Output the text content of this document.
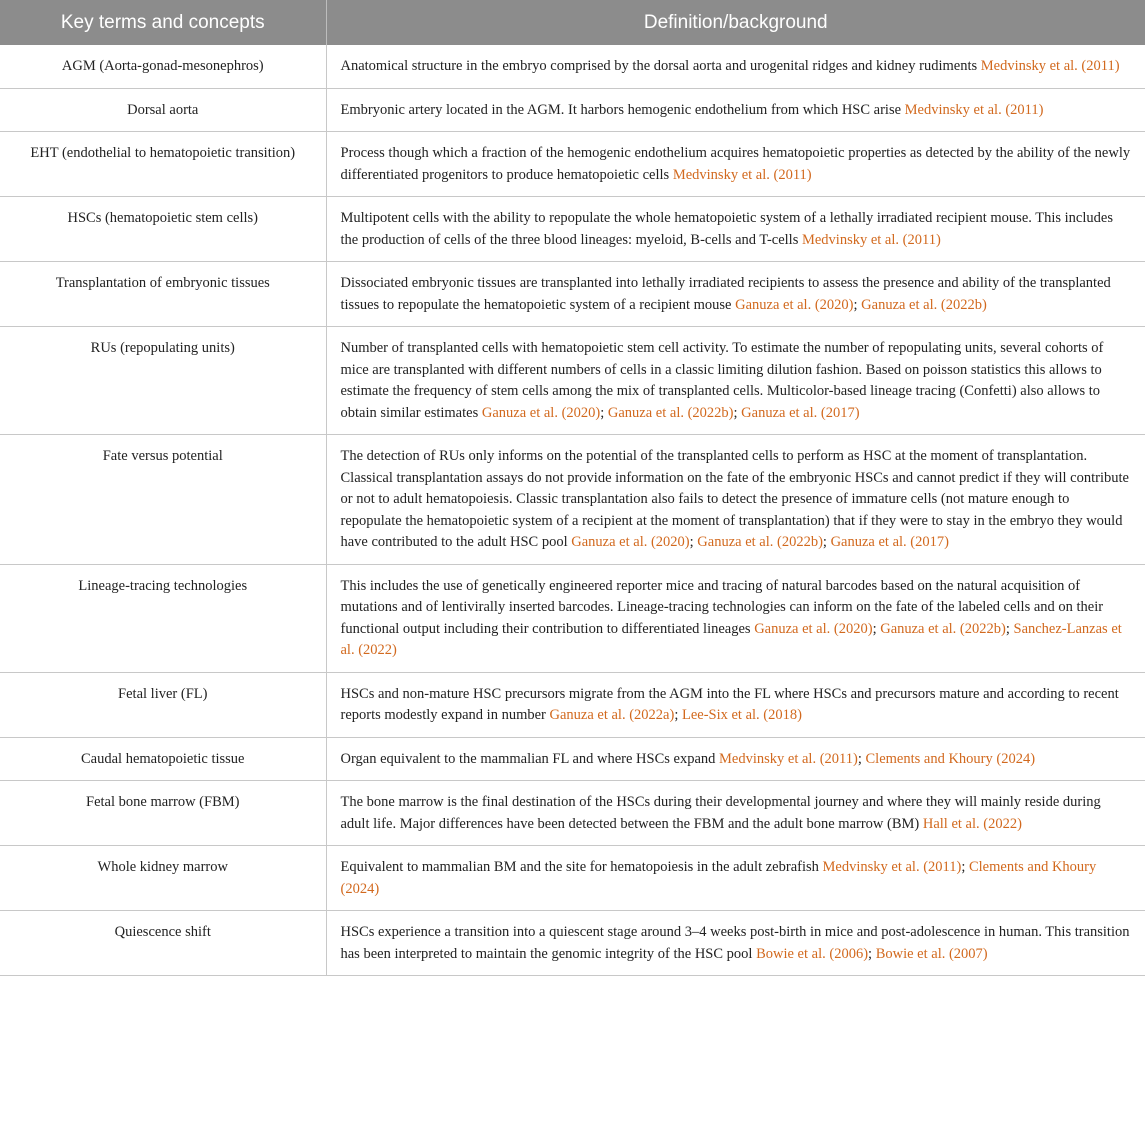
Key terms and concepts	Definition/background
AGM (Aorta-gonad-mesonephros)	Anatomical structure in the embryo comprised by the dorsal aorta and urogenital ridges and kidney rudiments Medvinsky et al. (2011)
Dorsal aorta	Embryonic artery located in the AGM. It harbors hemogenic endothelium from which HSC arise Medvinsky et al. (2011)
EHT (endothelial to hematopoietic transition)	Process though which a fraction of the hemogenic endothelium acquires hematopoietic properties as detected by the ability of the newly differentiated progenitors to produce hematopoietic cells Medvinsky et al. (2011)
HSCs (hematopoietic stem cells)	Multipotent cells with the ability to repopulate the whole hematopoietic system of a lethally irradiated recipient mouse. This includes the production of cells of the three blood lineages: myeloid, B-cells and T-cells Medvinsky et al. (2011)
Transplantation of embryonic tissues	Dissociated embryonic tissues are transplanted into lethally irradiated recipients to assess the presence and ability of the transplanted tissues to repopulate the hematopoietic system of a recipient mouse Ganuza et al. (2020); Ganuza et al. (2022b)
RUs (repopulating units)	Number of transplanted cells with hematopoietic stem cell activity. To estimate the number of repopulating units, several cohorts of mice are transplanted with different numbers of cells in a classic limiting dilution fashion. Based on poisson statistics this allows to estimate the frequency of stem cells among the mix of transplanted cells. Multicolor-based lineage tracing (Confetti) also allows to obtain similar estimates Ganuza et al. (2020); Ganuza et al. (2022b); Ganuza et al. (2017)
Fate versus potential	The detection of RUs only informs on the potential of the transplanted cells to perform as HSC at the moment of transplantation. Classical transplantation assays do not provide information on the fate of the embryonic HSCs and cannot predict if they will contribute or not to adult hematopoiesis. Classic transplantation also fails to detect the presence of immature cells (not mature enough to repopulate the hematopoietic system of a recipient at the moment of transplantation) that if they were to stay in the embryo they would have contributed to the adult HSC pool Ganuza et al. (2020); Ganuza et al. (2022b); Ganuza et al. (2017)
Lineage-tracing technologies	This includes the use of genetically engineered reporter mice and tracing of natural barcodes based on the natural acquisition of mutations and of lentivirally inserted barcodes. Lineage-tracing technologies can inform on the fate of the labeled cells and on their functional output including their contribution to differentiated lineages Ganuza et al. (2020); Ganuza et al. (2022b); Sanchez-Lanzas et al. (2022)
Fetal liver (FL)	HSCs and non-mature HSC precursors migrate from the AGM into the FL where HSCs and precursors mature and according to recent reports modestly expand in number Ganuza et al. (2022a); Lee-Six et al. (2018)
Caudal hematopoietic tissue	Organ equivalent to the mammalian FL and where HSCs expand Medvinsky et al. (2011); Clements and Khoury (2024)
Fetal bone marrow (FBM)	The bone marrow is the final destination of the HSCs during their developmental journey and where they will mainly reside during adult life. Major differences have been detected between the FBM and the adult bone marrow (BM) Hall et al. (2022)
Whole kidney marrow	Equivalent to mammalian BM and the site for hematopoiesis in the adult zebrafish Medvinsky et al. (2011); Clements and Khoury (2024)
Quiescence shift	HSCs experience a transition into a quiescent stage around 3–4 weeks post-birth in mice and post-adolescence in human. This transition has been interpreted to maintain the genomic integrity of the HSC pool Bowie et al. (2006); Bowie et al. (2007)
